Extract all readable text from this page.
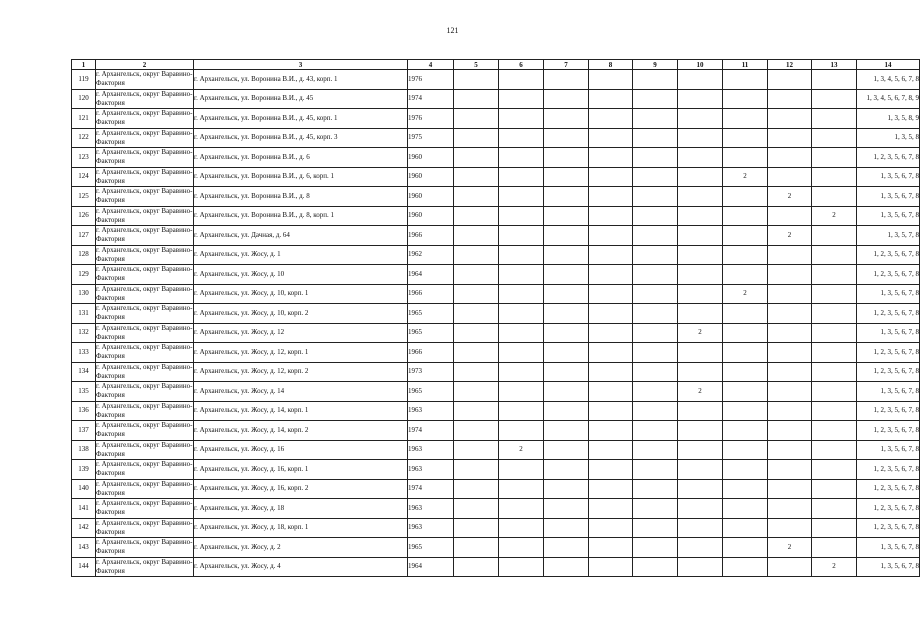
121
1	2	3	4	5	6	7	8	9	10	11	12	13	14
119	г. Архангельск, округ Варавино-Фактория	г. Архангельск, ул. Воронина В.И., д. 43, корп. 1	1976										1, 3, 4, 5, 6, 7, 8
120	г. Архангельск, округ Варавино-Фактория	г. Архангельск, ул. Воронина В.И., д. 45	1974										1, 3, 4, 5, 6, 7, 8, 9
121	г. Архангельск, округ Варавино-Фактория	г. Архангельск, ул. Воронина В.И., д. 45, корп. 1	1976										1, 3, 5, 8, 9
122	г. Архангельск, округ Варавино-Фактория	г. Архангельск, ул. Воронина В.И., д. 45, корп. 3	1975										1, 3, 5, 8
123	г. Архангельск, округ Варавино-Фактория	г. Архангельск, ул. Воронина В.И., д. 6	1960										1, 2, 3, 5, 6, 7, 8
124	г. Архангельск, округ Варавино-Фактория	г. Архангельск, ул. Воронина В.И., д. 6, корп. 1	1960							2			1, 3, 5, 6, 7, 8
125	г. Архангельск, округ Варавино-Фактория	г. Архангельск, ул. Воронина В.И., д. 8	1960								2		1, 3, 5, 6, 7, 8
126	г. Архангельск, округ Варавино-Фактория	г. Архангельск, ул. Воронина В.И., д. 8, корп. 1	1960									2	1, 3, 5, 6, 7, 8
127	г. Архангельск, округ Варавино-Фактория	г. Архангельск, ул. Дачная, д. 64	1966								2		1, 3, 5, 7, 8
128	г. Архангельск, округ Варавино-Фактория	г. Архангельск, ул. Жосу, д. 1	1962										1, 2, 3, 5, 6, 7, 8
129	г. Архангельск, округ Варавино-Фактория	г. Архангельск, ул. Жосу, д. 10	1964										1, 2, 3, 5, 6, 7, 8
130	г. Архангельск, округ Варавино-Фактория	г. Архангельск, ул. Жосу, д. 10, корп. 1	1966							2			1, 3, 5, 6, 7, 8
131	г. Архангельск, округ Варавино-Фактория	г. Архангельск, ул. Жосу, д. 10, корп. 2	1965										1, 2, 3, 5, 6, 7, 8
132	г. Архангельск, округ Варавино-Фактория	г. Архангельск, ул. Жосу, д. 12	1965						2				1, 3, 5, 6, 7, 8
133	г. Архангельск, округ Варавино-Фактория	г. Архангельск, ул. Жосу, д. 12, корп. 1	1966										1, 2, 3, 5, 6, 7, 8
134	г. Архангельск, округ Варавино-Фактория	г. Архангельск, ул. Жосу, д. 12, корп. 2	1973										1, 2, 3, 5, 6, 7, 8
135	г. Архангельск, округ Варавино-Фактория	г. Архангельск, ул. Жосу, д. 14	1965						2				1, 3, 5, 6, 7, 8
136	г. Архангельск, округ Варавино-Фактория	г. Архангельск, ул. Жосу, д. 14, корп. 1	1963										1, 2, 3, 5, 6, 7, 8
137	г. Архангельск, округ Варавино-Фактория	г. Архангельск, ул. Жосу, д. 14, корп. 2	1974										1, 2, 3, 5, 6, 7, 8
138	г. Архангельск, округ Варавино-Фактория	г. Архангельск, ул. Жосу, д. 16	1963		2								1, 3, 5, 6, 7, 8
139	г. Архангельск, округ Варавино-Фактория	г. Архангельск, ул. Жосу, д. 16, корп. 1	1963										1, 2, 3, 5, 6, 7, 8
140	г. Архангельск, округ Варавино-Фактория	г. Архангельск, ул. Жосу, д. 16, корп. 2	1974										1, 2, 3, 5, 6, 7, 8
141	г. Архангельск, округ Варавино-Фактория	г. Архангельск, ул. Жосу, д. 18	1963										1, 2, 3, 5, 6, 7, 8
142	г. Архангельск, округ Варавино-Фактория	г. Архангельск, ул. Жосу, д. 18, корп. 1	1963										1, 2, 3, 5, 6, 7, 8
143	г. Архангельск, округ Варавино-Фактория	г. Архангельск, ул. Жосу, д. 2	1965								2		1, 3, 5, 6, 7, 8
144	г. Архангельск, округ Варавино-Фактория	г. Архангельск, ул. Жосу, д. 4	1964									2	1, 3, 5, 6, 7, 8
